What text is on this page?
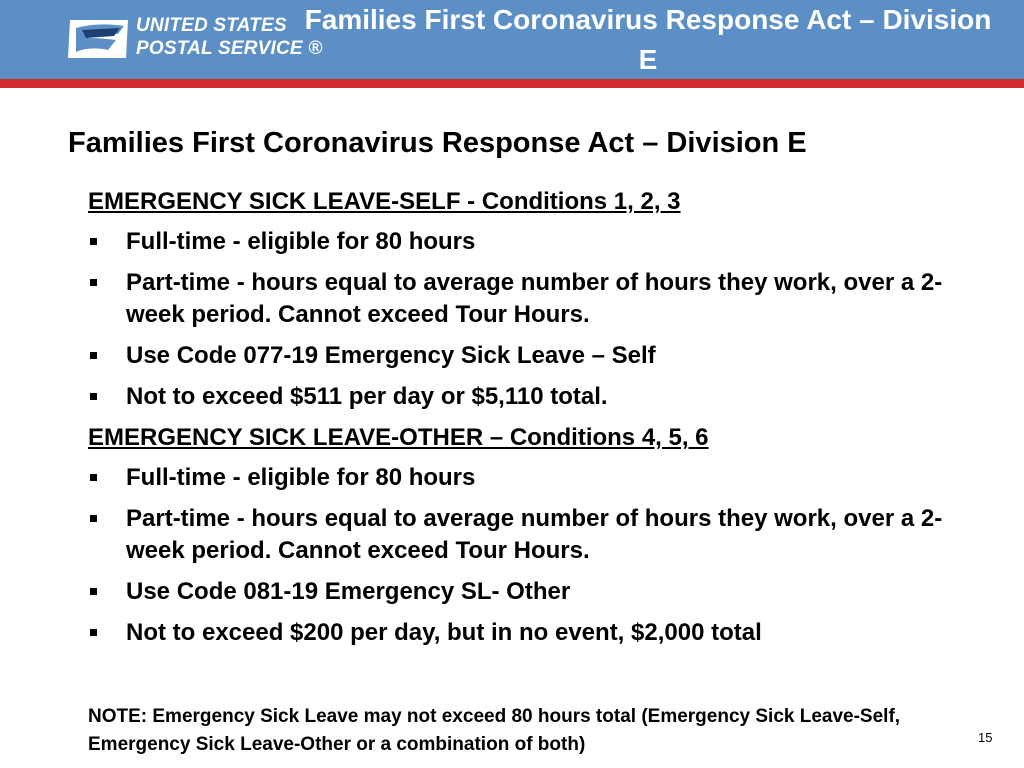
UNITED STATES
POSTAL SERVICE ®
Families First Coronavirus Response Act – Division E
Families First Coronavirus Response Act – Division E

EMERGENCY SICK LEAVE-SELF - Conditions 1, 2, 3

Full-time - eligible for 80 hours
Part-time - hours equal to average number of hours they work, over a 2-week period. Cannot exceed Tour Hours.
Use Code 077-19 Emergency Sick Leave – Self
Not to exceed $511 per day or $5,110 total.

EMERGENCY SICK LEAVE-OTHER – Conditions 4, 5, 6

Full-time - eligible for 80 hours
Part-time - hours equal to average number of hours they work, over a 2-week period. Cannot exceed Tour Hours.
Use Code 081-19 Emergency SL- Other
Not to exceed $200 per day, but in no event, $2,000 total

NOTE: Emergency Sick Leave may not exceed 80 hours total (Emergency Sick Leave-Self, Emergency Sick Leave-Other or a combination of both)	15
